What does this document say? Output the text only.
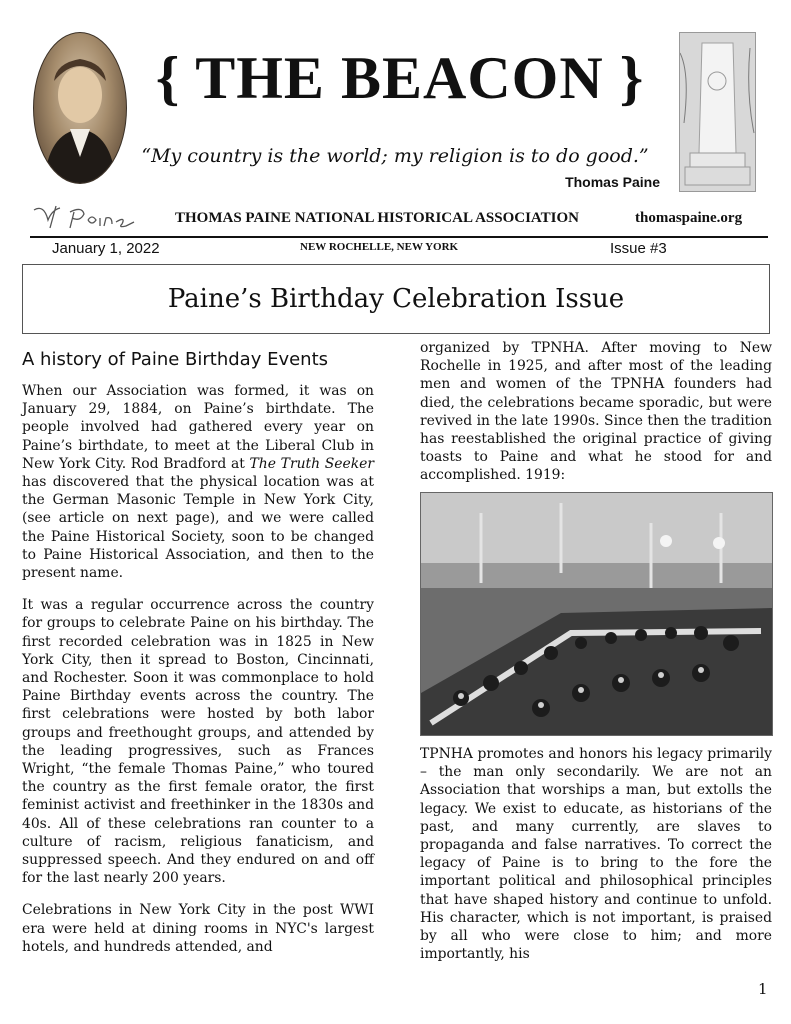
{ THE BEACON }
“My country is the world; my religion is to do good.”
Thomas Paine
THOMAS PAINE NATIONAL HISTORICAL ASSOCIATION	thomaspaine.org
January 1, 2022	NEW ROCHELLE, NEW YORK	Issue #3
Paine’s Birthday Celebration Issue
A history of Paine Birthday Events

When our Association was formed, it was on January 29, 1884, on Paine’s birthdate. The people involved had gathered every year on Paine’s birthdate, to meet at the Liberal Club in New York City. Rod Bradford at The Truth Seeker has discovered that the physical location was at the German Masonic Temple in New York City, (see article on next page), and we were called the Paine Historical Society, soon to be changed to Paine Historical Association, and then to the present name.

It was a regular occurrence across the country for groups to celebrate Paine on his birthday. The first recorded celebration was in 1825 in New York City, then it spread to Boston, Cincinnati, and Rochester. Soon it was commonplace to hold Paine Birthday events across the country. The first celebrations were hosted by both labor groups and freethought groups, and attended by the leading progressives, such as Frances Wright, “the female Thomas Paine,” who toured the country as the first female orator, the first feminist activist and freethinker in the 1830s and 40s. All of these celebrations ran counter to a culture of racism, religious fanaticism, and suppressed speech. And they endured on and off for the last nearly 200 years.

Celebrations in New York City in the post WWI era were held at dining rooms in NYC's largest hotels, and hundreds attended, and

organized by TPNHA. After moving to New Rochelle in 1925, and after most of the leading men and women of the TPNHA founders had died, the celebrations became sporadic, but were revived in the late 1990s. Since then the tradition has reestablished the original practice of giving toasts to Paine and what he stood for and accomplished. 1919:

TPNHA promotes and honors his legacy primarily – the man only secondarily. We are not an Association that worships a man, but extolls the legacy. We exist to educate, as historians of the past, and many currently, are slaves to propaganda and false narratives. To correct the legacy of Paine is to bring to the fore the important political and philosophical principles that have shaped history and continue to unfold. His character, which is not important, is praised by all who were close to him; and more importantly, his

1
